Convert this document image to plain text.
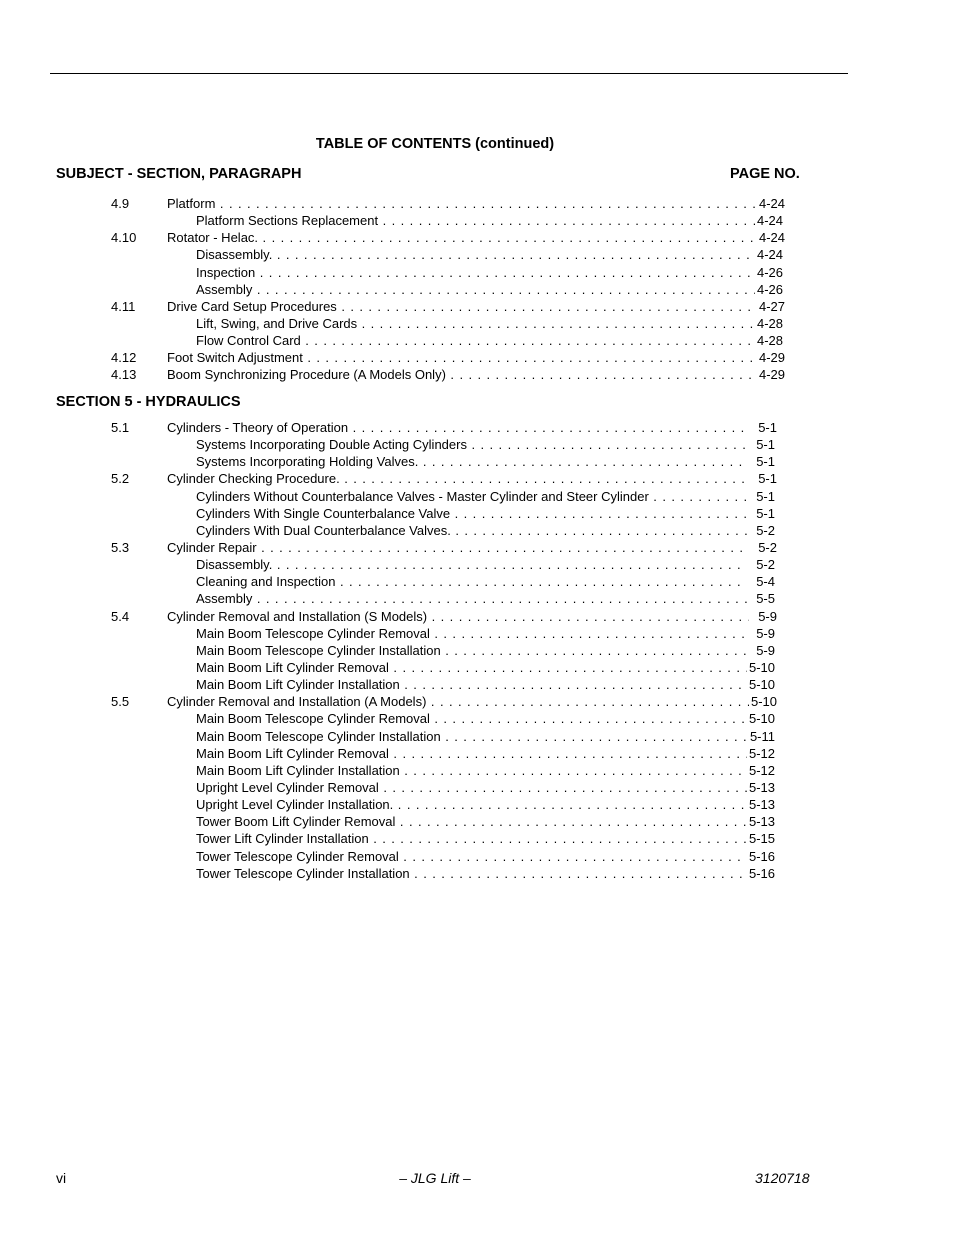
TABLE OF CONTENTS (continued)
SUBJECT - SECTION, PARAGRAPH	PAGE NO.
4.9	Platform . . .	4-24
Platform Sections Replacement . . .	4-24
4.10 Rotator - Helac. . . .	4-24
Disassembly. . . .	4-24
Inspection . . .	4-26
Assembly . . .	4-26
4.11 Drive Card Setup Procedures . . .	4-27
Lift, Swing, and Drive Cards . . .	4-28
Flow Control Card . . .	4-28
4.12 Foot Switch Adjustment . . .	4-29
4.13 Boom Synchronizing Procedure (A Models Only) . . .	4-29
SECTION 5 - HYDRAULICS
5.1	Cylinders - Theory of Operation . . .	5-1
Systems Incorporating Double Acting Cylinders . . .	5-1
Systems Incorporating Holding Valves. . . .	5-1
5.2	Cylinder Checking Procedure. . . .	5-1
Cylinders Without Counterbalance Valves - Master Cylinder and Steer Cylinder . . .	5-1
Cylinders With Single Counterbalance Valve . . .	5-1
Cylinders With Dual Counterbalance Valves. . . .	5-2
5.3	Cylinder Repair . . .	5-2
Disassembly. . . .	5-2
Cleaning and Inspection . . .	5-4
Assembly . . .	5-5
5.4	Cylinder Removal and Installation (S Models) . . .	5-9
Main Boom Telescope Cylinder Removal . . .	5-9
Main Boom Telescope Cylinder Installation . . .	5-9
Main Boom Lift Cylinder Removal . . .	5-10
Main Boom Lift Cylinder Installation . . .	5-10
5.5	Cylinder Removal and Installation (A Models) . . .	5-10
Main Boom Telescope Cylinder Removal . . .	5-10
Main Boom Telescope Cylinder Installation . . .	5-11
Main Boom Lift Cylinder Removal . . .	5-12
Main Boom Lift Cylinder Installation . . .	5-12
Upright Level Cylinder Removal . . .	5-13
Upright Level Cylinder Installation. . . .	5-13
Tower Boom Lift Cylinder Removal . . .	5-13
Tower Lift Cylinder Installation . . .	5-15
Tower Telescope Cylinder Removal . . .	5-16
Tower Telescope Cylinder Installation . . .	5-16
vi	– JLG Lift –	3120718
